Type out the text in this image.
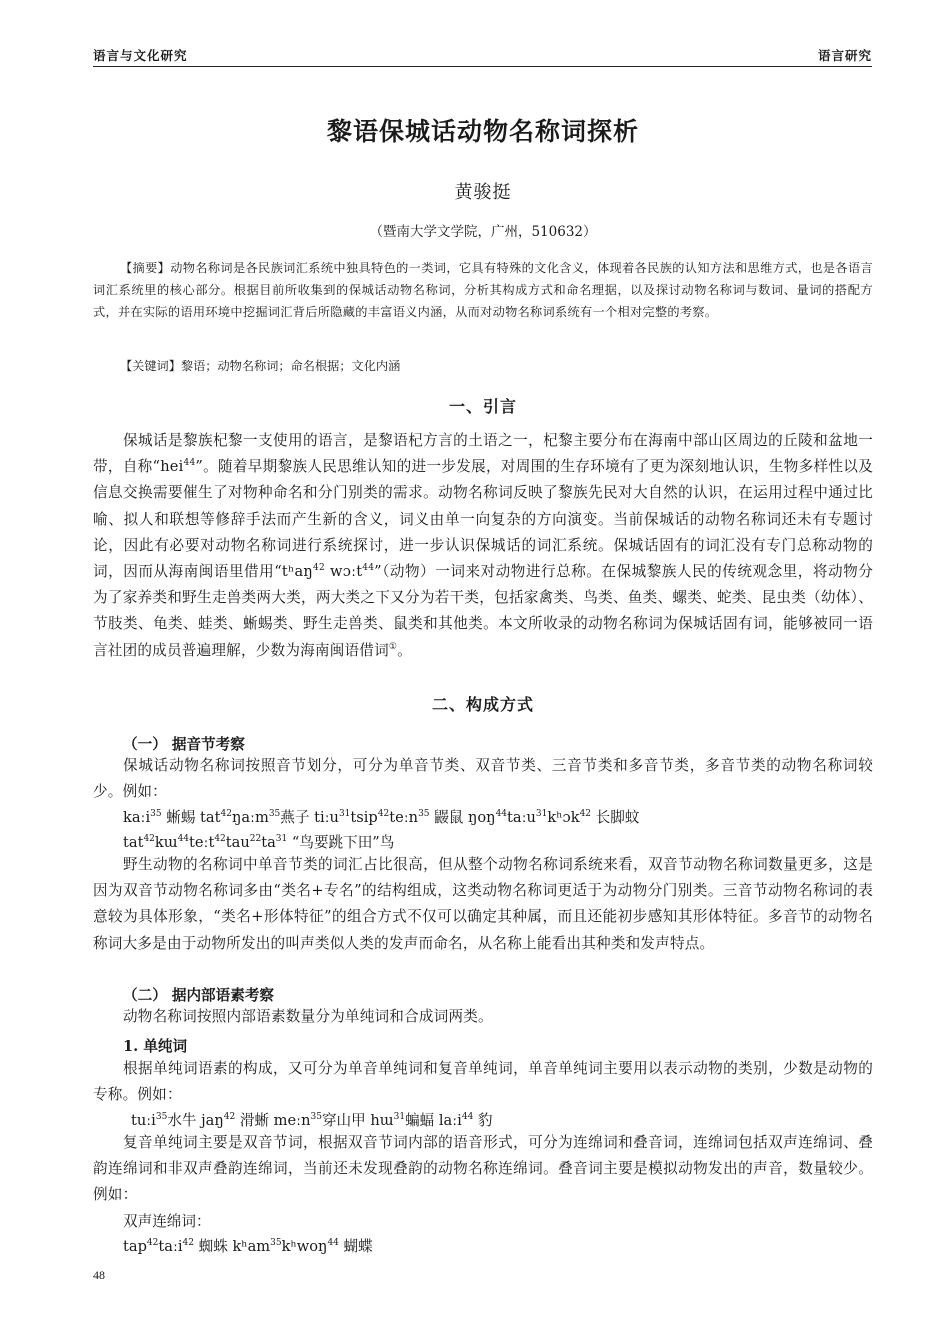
语言与文化研究	语言研究
黎语保城话动物名称词探析
黄骏挺
（暨南大学文学院，广州，510632）

【摘要】动物名称词是各民族词汇系统中独具特色的一类词，它具有特殊的文化含义，体现着各民族的认知方法和思维方式，也是各语言词汇系统里的核心部分。根据目前所收集到的保城话动物名称词，分析其构成方式和命名理据，以及探讨动物名称词与数词、量词的搭配方式，并在实际的语用环境中挖掘词汇背后所隐藏的丰富语义内涵，从而对动物名称词系统有一个相对完整的考察。

【关键词】黎语；动物名称词；命名根据；文化内涵

一、引言

保城话是黎族杞黎一支使用的语言，是黎语杞方言的土语之一，杞黎主要分布在海南中部山区周边的丘陵和盆地一带，自称“hei$^{44}$”。随着早期黎族人民思维认知的进一步发展，对周围的生存环境有了更为深刻地认识，生物多样性以及信息交换需要催生了对物种命名和分门别类的需求。动物名称词反映了黎族先民对大自然的认识，在运用过程中通过比喻、拟人和联想等修辞手法而产生新的含义，词义由单一向复杂的方向演变。当前保城话的动物名称词还未有专题讨论，因此有必要对动物名称词进行系统探讨，进一步认识保城话的词汇系统。保城话固有的词汇没有专门总称动物的词，因而从海南闽语里借用“tʰaŋ$^{42}$ wɔːt$^{44}$”（动物）一词来对动物进行总称。在保城黎族人民的传统观念里，将动物分为了家养类和野生走兽类两大类，两大类之下又分为若干类，包括家禽类、鸟类、鱼类、螺类、蛇类、昆虫类（幼体）、节肢类、龟类、蛙类、蜥蜴类、野生走兽类、鼠类和其他类。本文所收录的动物名称词为保城话固有词，能够被同一语言社团的成员普遍理解，少数为海南闽语借词①。

二、构成方式
（一） 据音节考察

保城话动物名称词按照音节划分，可分为单音节类、双音节类、三音节类和多音节类，多音节类的动物名称词较少。例如：

kaːi$^{35}$ 蜥蜴 tat$^{42}$ŋaːm$^{35}$燕子 tiːu$^{31}$tsip$^{42}$teːn$^{35}$ 鼹鼠 ŋoŋ$^{44}$taːu$^{31}$kʰɔk$^{42}$ 长脚蚊
$tat^{42}kɯ^{44}teːt^{42}tau^{22}ta^{31}$ “鸟要跳下田”鸟

野生动物的名称词中单音节类的词汇占比很高，但从整个动物名称词系统来看，双音节动物名称词数量更多，这是因为双音节动物名称词多由“类名+专名”的结构组成，这类动物名称词更适于为动物分门别类。三音节动物名称词的表意较为具体形象，“类名+形体特征”的组合方式不仅可以确定其种属，而且还能初步感知其形体特征。多音节的动物名称词大多是由于动物所发出的叫声类似人类的发声而命名，从名称上能看出其种类和发声特点。

（二） 据内部语素考察

动物名称词按照内部语素数量分为单纯词和合成词两类。

1. 单纯词

根据单纯词语素的构成，又可分为单音单纯词和复音单纯词，单音单纯词主要用以表示动物的类别，少数是动物的专称。例如：

tuːi$^{35}$水牛 jaŋ$^{42}$ 滑蜥 meːn$^{35}$穿山甲 hɯ$^{31}$蝙蝠 laːi$^{44}$ 豹

复音单纯词主要是双音节词，根据双音节词内部的语音形式，可分为连绵词和叠音词，连绵词包括双声连绵词、叠韵连绵词和非双声叠韵连绵词，当前还未发现叠韵的动物名称连绵词。叠音词主要是模拟动物发出的声音，数量较少。例如：

双声连绵词：
tap$^{42}$taːi$^{42}$ 蜘蛛 kʰam$^{35}$kʰwoŋ$^{44}$ 蝴蝶
48
